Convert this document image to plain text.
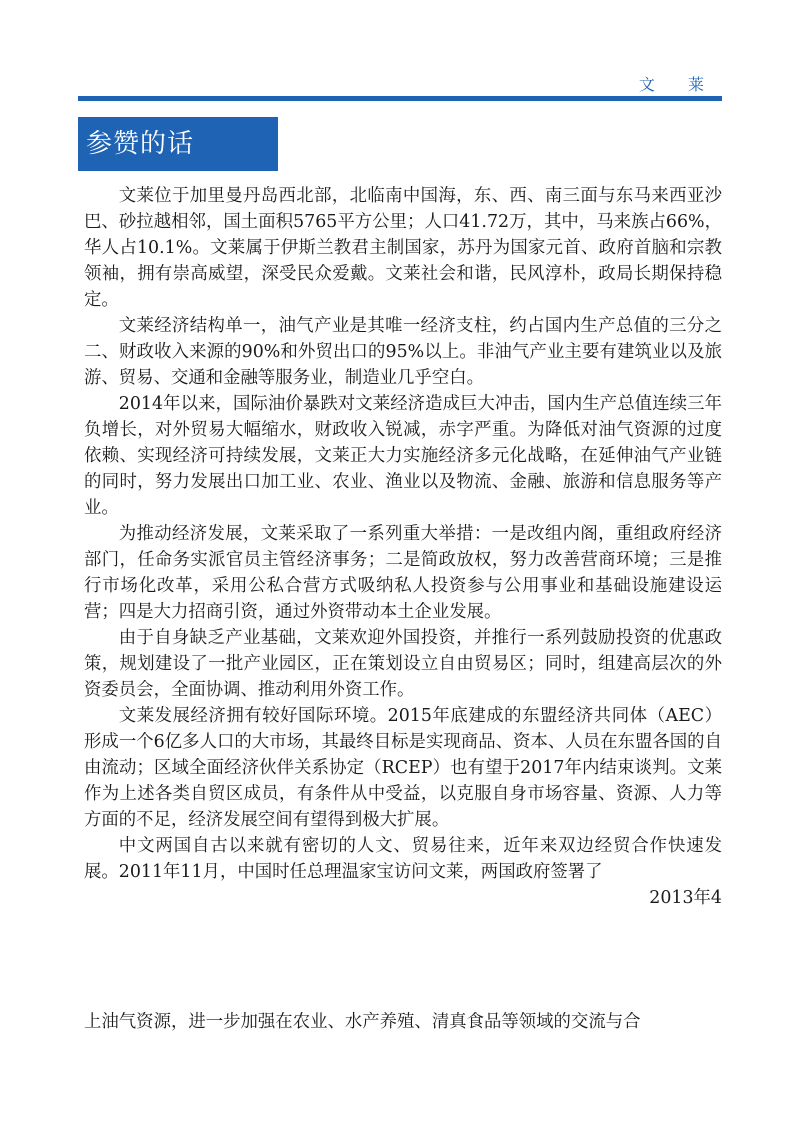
文 莱
参赞的话

文莱位于加里曼丹岛西北部，北临南中国海，东、西、南三面与东马来西亚沙巴、砂拉越相邻，国土面积5765平方公里；人口41.72万，其中，马来族占66%，华人占10.1%。文莱属于伊斯兰教君主制国家，苏丹为国家元首、政府首脑和宗教领袖，拥有崇高威望，深受民众爱戴。文莱社会和谐，民风淳朴，政局长期保持稳定。

文莱经济结构单一，油气产业是其唯一经济支柱，约占国内生产总值的三分之二、财政收入来源的90%和外贸出口的95%以上。非油气产业主要有建筑业以及旅游、贸易、交通和金融等服务业，制造业几乎空白。

2014年以来，国际油价暴跌对文莱经济造成巨大冲击，国内生产总值连续三年负增长，对外贸易大幅缩水，财政收入锐减，赤字严重。为降低对油气资源的过度依赖、实现经济可持续发展，文莱正大力实施经济多元化战略，在延伸油气产业链的同时，努力发展出口加工业、农业、渔业以及物流、金融、旅游和信息服务等产业。

为推动经济发展，文莱采取了一系列重大举措：一是改组内阁，重组政府经济部门，任命务实派官员主管经济事务；二是简政放权，努力改善营商环境；三是推行市场化改革，采用公私合营方式吸纳私人投资参与公用事业和基础设施建设运营；四是大力招商引资，通过外资带动本土企业发展。

由于自身缺乏产业基础，文莱欢迎外国投资，并推行一系列鼓励投资的优惠政策，规划建设了一批产业园区，正在策划设立自由贸易区；同时，组建高层次的外资委员会，全面协调、推动利用外资工作。

文莱发展经济拥有较好国际环境。2015年底建成的东盟经济共同体（AEC）形成一个6亿多人口的大市场，其最终目标是实现商品、资本、人员在东盟各国的自由流动；区域全面经济伙伴关系协定（RCEP）也有望于2017年内结束谈判。文莱作为上述各类自贸区成员，有条件从中受益，以克服自身市场容量、资源、人力等方面的不足，经济发展空间有望得到极大扩展。

中文两国自古以来就有密切的人文、贸易往来，近年来双边经贸合作快速发展。2011年11月，中国时任总理温家宝访问文莱，两国政府签署了

2013年4

上油气资源，进一步加强在农业、水产养殖、清真食品等领域的交流与合
